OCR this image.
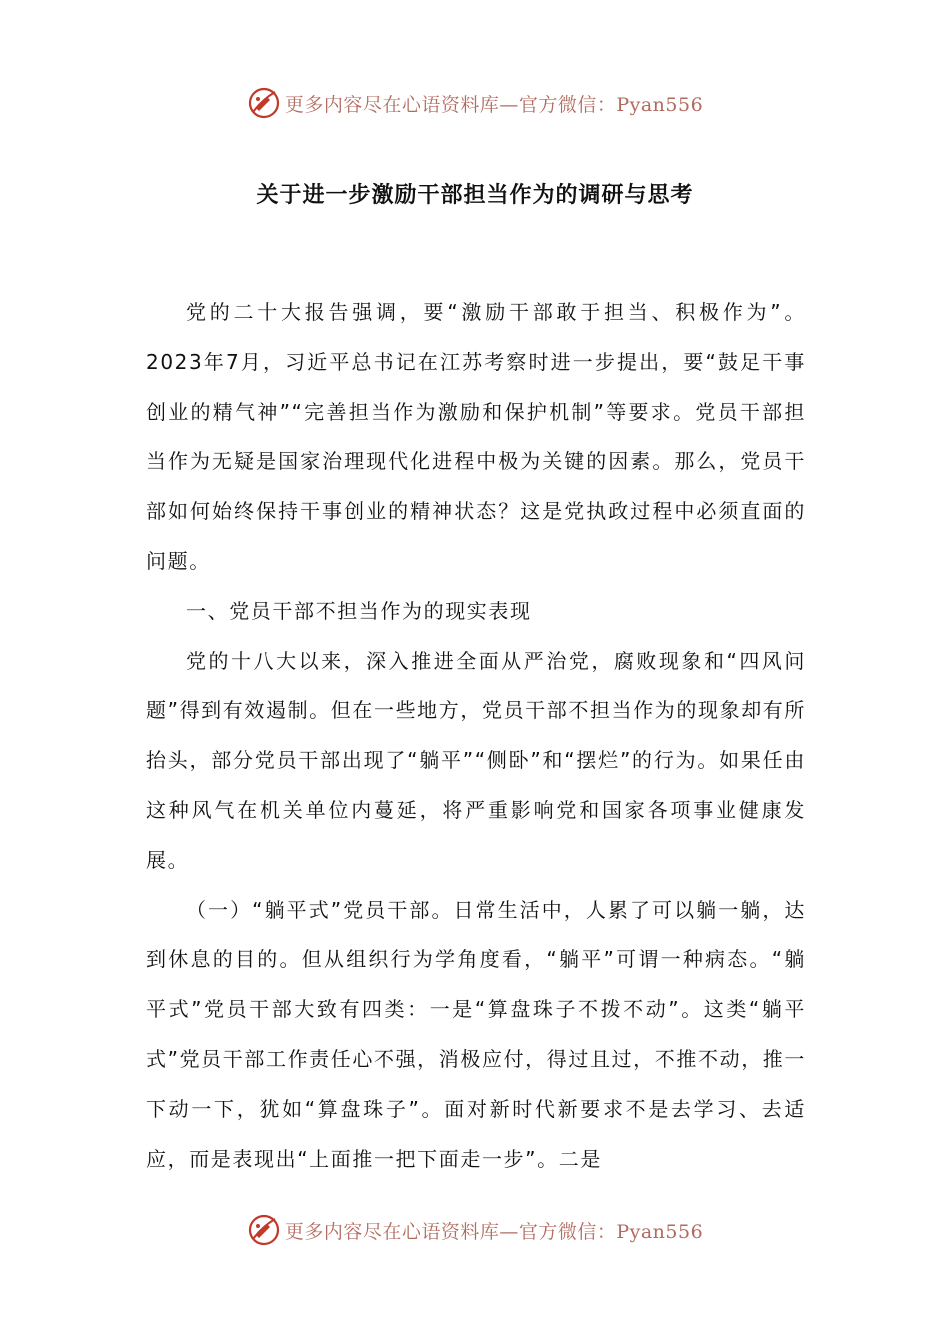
更多内容尽在心语资料库—官方微信：Pyan556
关于进一步激励干部担当作为的调研与思考

党的二十大报告强调，要“激励干部敢于担当、积极作为”。2023年7月，习近平总书记在江苏考察时进一步提出，要“鼓足干事创业的精气神”“完善担当作为激励和保护机制”等要求。党员干部担当作为无疑是国家治理现代化进程中极为关键的因素。那么，党员干部如何始终保持干事创业的精神状态？这是党执政过程中必须直面的问题。

一、党员干部不担当作为的现实表现

党的十八大以来，深入推进全面从严治党，腐败现象和“四风问题”得到有效遏制。但在一些地方，党员干部不担当作为的现象却有所抬头，部分党员干部出现了“躺平”“侧卧”和“摆烂”的行为。如果任由这种风气在机关单位内蔓延，将严重影响党和国家各项事业健康发展。

（一）“躺平式”党员干部。日常生活中，人累了可以躺一躺，达到休息的目的。但从组织行为学角度看，“躺平”可谓一种病态。“躺平式”党员干部大致有四类：一是“算盘珠子不拨不动”。这类“躺平式”党员干部工作责任心不强，消极应付，得过且过，不推不动，推一下动一下，犹如“算盘珠子”。面对新时代新要求不是去学习、去适应，而是表现出“上面推一把下面走一步”。二是

更多内容尽在心语资料库—官方微信：Pyan556
